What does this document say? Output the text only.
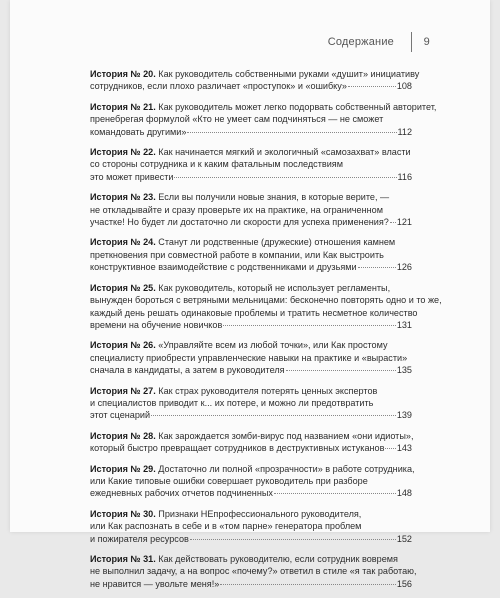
Содержание	9
История № 20. Как руководитель собственными руками «душит» инициативу
сотрудников, если плохо различает «проступок» и «ошибку»	108
История № 21. Как руководитель может легко подорвать собственный авторитет,
пренебрегая формулой «Кто не умеет сам подчиняться — не сможет
командовать другими»	112
История № 22. Как начинается мягкий и экологичный «самозахват» власти
со стороны сотрудника и к каким фатальным последствиям
это может привести	116
История № 23. Если вы получили новые знания, в которые верите, —
не откладывайте и сразу проверьте их на практике, на ограниченном
участке! Но будет ли достаточно ли скорости для успеха применения? 121
История № 24. Станут ли родственные (дружеские) отношения камнем
преткновения при совместной работе в компании, или Как выстроить
конструктивное взаимодействие с родственниками и друзьями	126
История № 25. Как руководитель, который не использует регламенты,
вынужден бороться с ветряными мельницами: бесконечно повторять одно и то же,
каждый день решать одинаковые проблемы и тратить несметное количество
времени на обучение новичков	131
История № 26. «Управляйте всем из любой точки», или Как простому
специалисту приобрести управленческие навыки на практике и «вырасти»
сначала в кандидаты, а затем в руководителя	135
История № 27. Как страх руководителя потерять ценных экспертов
и специалистов приводит к... их потере, и можно ли предотвратить
этот сценарий	139
История № 28. Как зарождается зомби-вирус под названием «они идиоты»,
который быстро превращает сотрудников в деструктивных истуканов 143
История № 29. Достаточно ли полной «прозрачности» в работе сотрудника,
или Какие типовые ошибки совершает руководитель при разборе
ежедневных рабочих отчетов подчиненных	148
История № 30. Признаки НЕпрофессионального руководителя,
или Как распознать в себе и в «том парне» генератора проблем
и пожирателя ресурсов	152
История № 31. Как действовать руководителю, если сотрудник вовремя
не выполнил задачу, а на вопрос «почему?» ответил в стиле «я так работаю,
не нравится — увольте меня!»	156
